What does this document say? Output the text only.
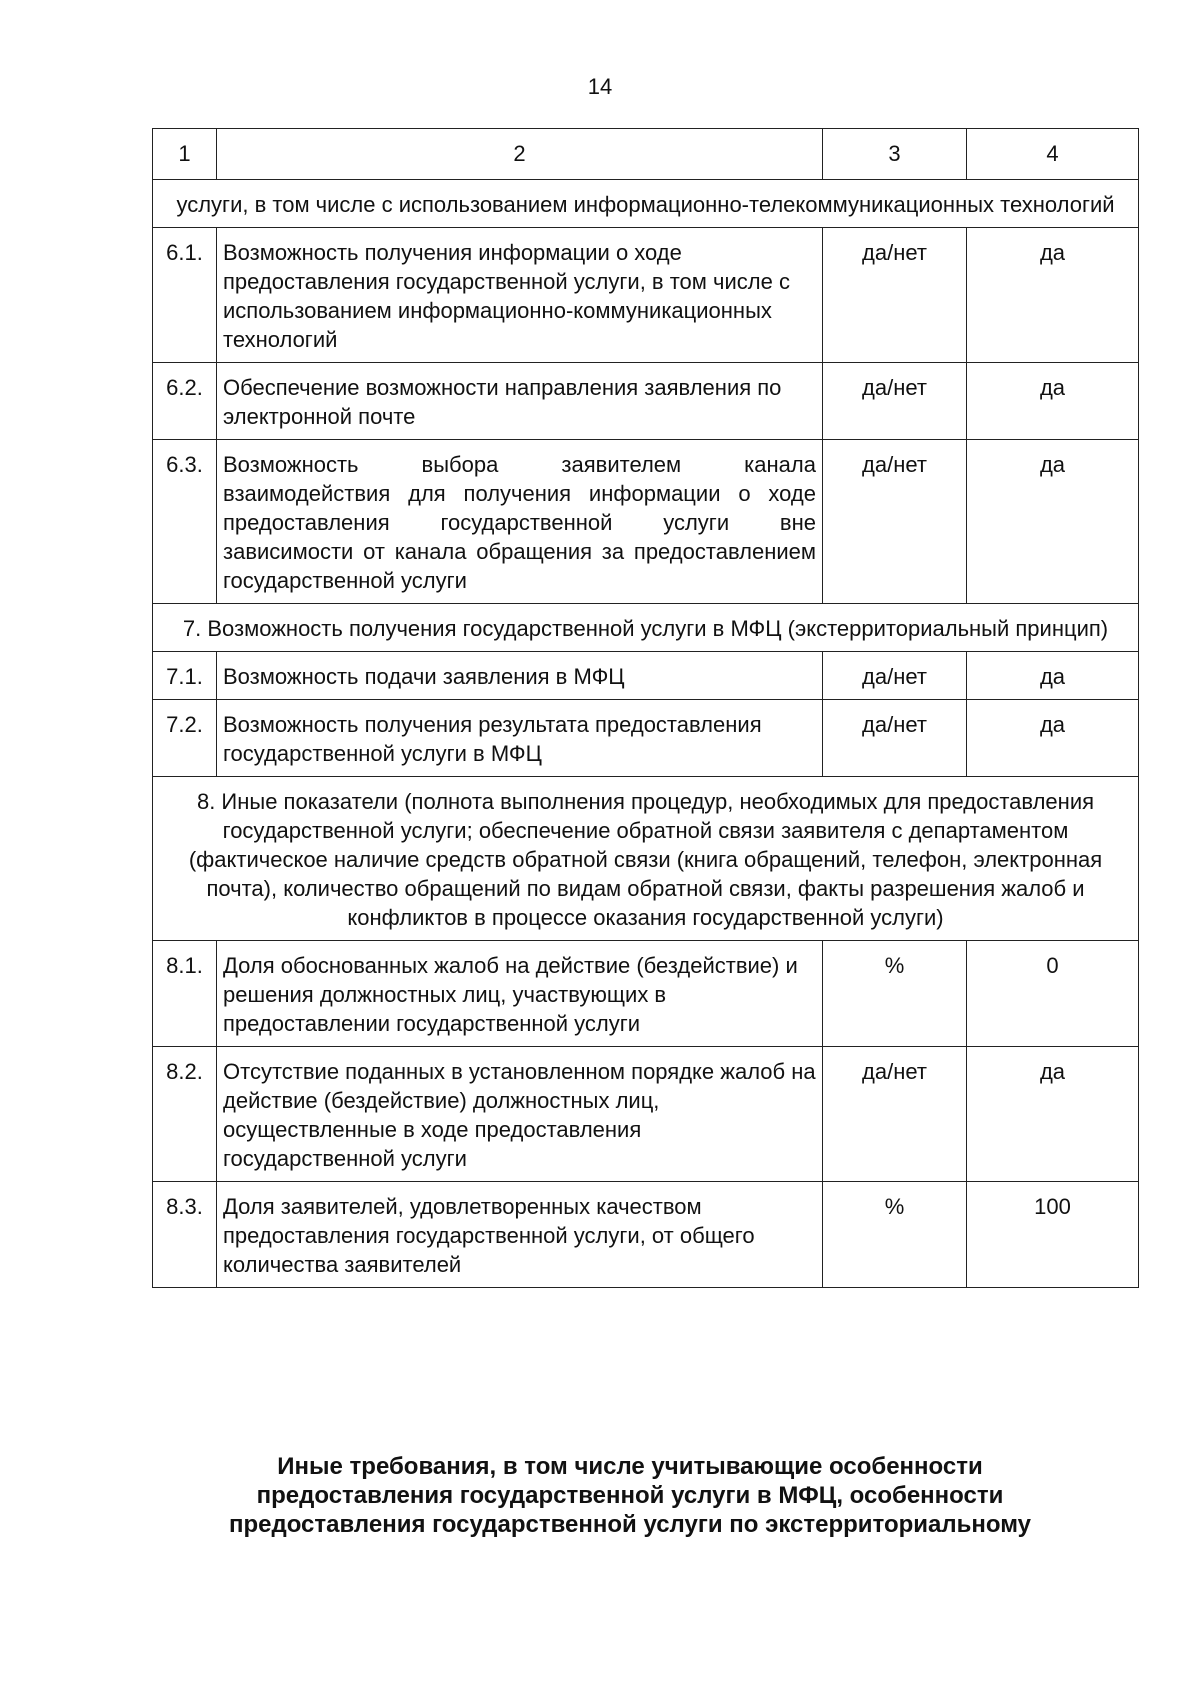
14
1	2	3	4
услуги, в том числе с использованием информационно-телекоммуникационных технологий			
6.1.	Возможность получения информации о ходе предоставления государственной услуги, в том числе с использованием информационно-коммуникационных технологий	да/нет	да
6.2.	Обеспечение возможности направления заявления по электронной почте	да/нет	да
6.3.	Возможность выбора заявителем канала взаимодействия для получения информации о ходе предоставления государственной услуги вне зависимости от канала обращения за предоставлением государственной услуги	да/нет	да
7. Возможность получения государственной услуги в МФЦ (экстерриториальный принцип)			
7.1.	Возможность подачи заявления в МФЦ	да/нет	да
7.2.	Возможность получения результата предоставления государственной услуги в МФЦ	да/нет	да
8. Иные показатели (полнота выполнения процедур, необходимых для предоставления государственной услуги; обеспечение обратной связи заявителя с департаментом (фактическое наличие средств обратной связи (книга обращений, телефон, электронная почта), количество обращений по видам обратной связи, факты разрешения жалоб и конфликтов в процессе оказания государственной услуги)			
8.1.	Доля обоснованных жалоб на действие (бездействие) и решения должностных лиц, участвующих в предоставлении государственной услуги	%	0
8.2.	Отсутствие поданных в установленном порядке жалоб на действие (бездействие) должностных лиц, осуществленные в ходе предоставления государственной услуги	да/нет	да
8.3.	Доля заявителей, удовлетворенных качеством предоставления государственной услуги, от общего количества заявителей	%	100
Иные требования, в том числе учитывающие особенности
предоставления государственной услуги в МФЦ, особенности
предоставления государственной услуги по экстерриториальному
